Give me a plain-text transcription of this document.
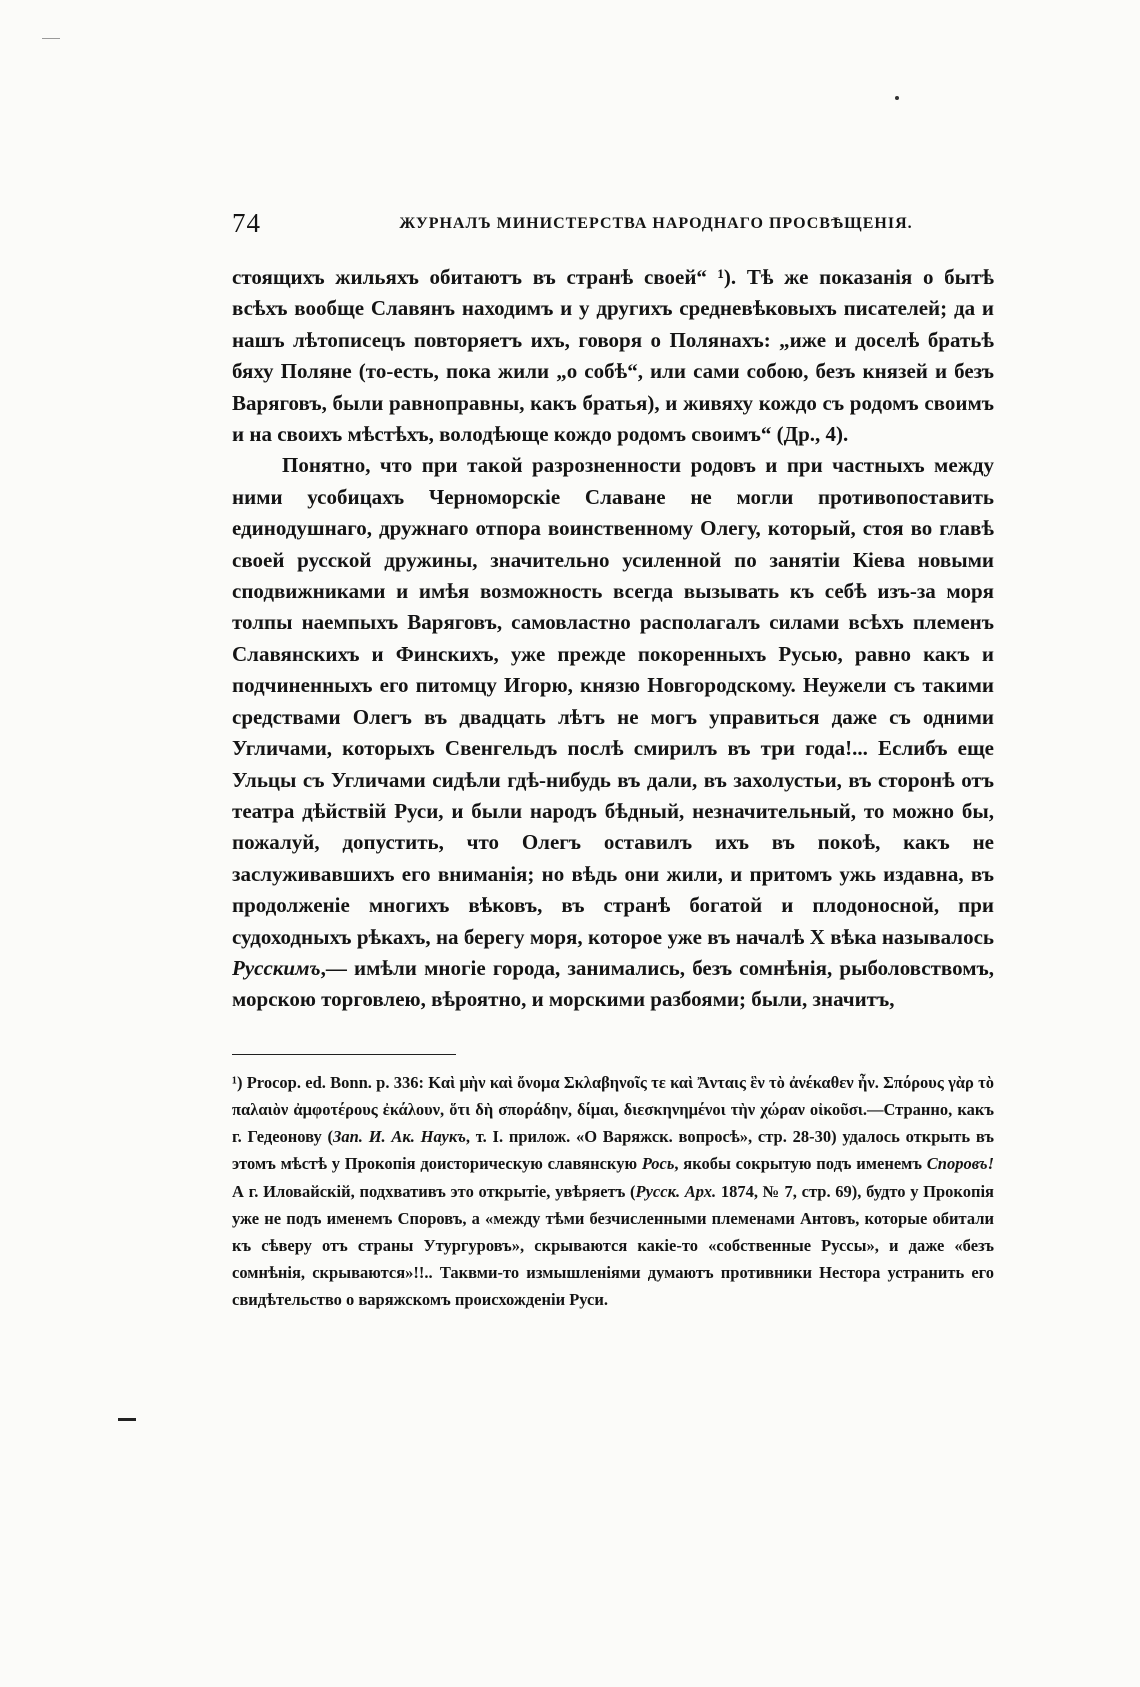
74	ЖУРНАЛЪ МИНИСТЕРСТВА НАРОДНАГО ПРОСВѢЩЕНІЯ.

стоящихъ жильяхъ обитаютъ въ странѣ своей“ ¹). Тѣ же показанія о бытѣ всѣхъ вообще Славянъ находимъ и у другихъ средневѣковыхъ писателей; да и нашъ лѣтописецъ повторяетъ ихъ, говоря о Полянахъ: „иже и доселѣ братьѣ бяху Поляне (то-есть, пока жили „о собѣ“, или сами собою, безъ князей и безъ Варяговъ, были равноправны, какъ братья), и живяху кождо съ родомъ своимъ и на своихъ мѣстѣхъ, володѣюще кождо родомъ своимъ“ (Др., 4).

Понятно, что при такой разрозненности родовъ и при частныхъ между ними усобицахъ Черноморскіе Славане не могли противопоставить единодушнаго, дружнаго отпора воинственному Олегу, который, стоя во главѣ своей русской дружины, значительно усиленной по занятіи Кіева новыми сподвижниками и имѣя возможность всегда вызывать къ себѣ изъ-за моря толпы наемпыхъ Варяговъ, самовластно располагалъ силами всѣхъ племенъ Славянскихъ и Финскихъ, уже прежде покоренныхъ Русью, равно какъ и подчиненныхъ его питомцу Игорю, князю Новгородскому. Неужели съ такими средствами Олегъ въ двадцать лѣтъ не могъ управиться даже съ одними Угличами, которыхъ Свенгельдъ послѣ смирилъ въ три года!... Еслибъ еще Ульцы съ Угличами сидѣли гдѣ-нибудь въ дали, въ захолустьи, въ сторонѣ отъ театра дѣйствій Руси, и были народъ бѣдный, незначительный, то можно бы, пожалуй, допустить, что Олегъ оставилъ ихъ въ покоѣ, какъ не заслуживавшихъ его вниманія; но вѣдь они жили, и притомъ ужь издавна, въ продолженіе многихъ вѣковъ, въ странѣ богатой и плодоносной, при судоходныхъ рѣкахъ, на берегу моря, которое уже въ началѣ X вѣка называлось Русскимъ,— имѣли многіе города, занимались, безъ сомнѣнія, рыболовствомъ, морскою торговлею, вѣроятно, и морскими разбоями; были, значитъ,

¹) Procop. ed. Bonn. p. 336: Καὶ μὴν καὶ ὄνομα Σκλαβηνοῖς τε καὶ Ἄνταις ἓν τὸ ἀνέκαθεν ἦν. Σπόρους γὰρ τὸ παλαιὸν ἀμφοτέρους ἐκάλουν, ὅτι δὴ σποράδην, δίμαι, διεσκηνημένοι τὴν χώραν οἰκοῦσι.—Странно, какъ г. Гедеонову (Зап. И. Ак. Наукъ, т. I. прилож. «О Варяжск. вопросѣ», стр. 28-30) удалось открыть въ этомъ мѣстѣ у Прокопія доисторическую славянскую Рось, якобы сокрытую подъ именемъ Споровъ! А г. Иловайскій, подхвативъ это открытіе, увѣряетъ (Русск. Арх. 1874, № 7, стр. 69), будто у Прокопія уже не подъ именемъ Споровъ, а «между тѣми безчисленными племенами Антовъ, которые обитали къ сѣверу отъ страны Утургуровъ», скрываются какіе-то «собственные Руссы», и даже «безъ сомнѣнія, скрываются»!!.. Таквми-то измышленіями думаютъ противники Нестора устранить его свидѣтельство о варяжскомъ происхожденіи Руси.
